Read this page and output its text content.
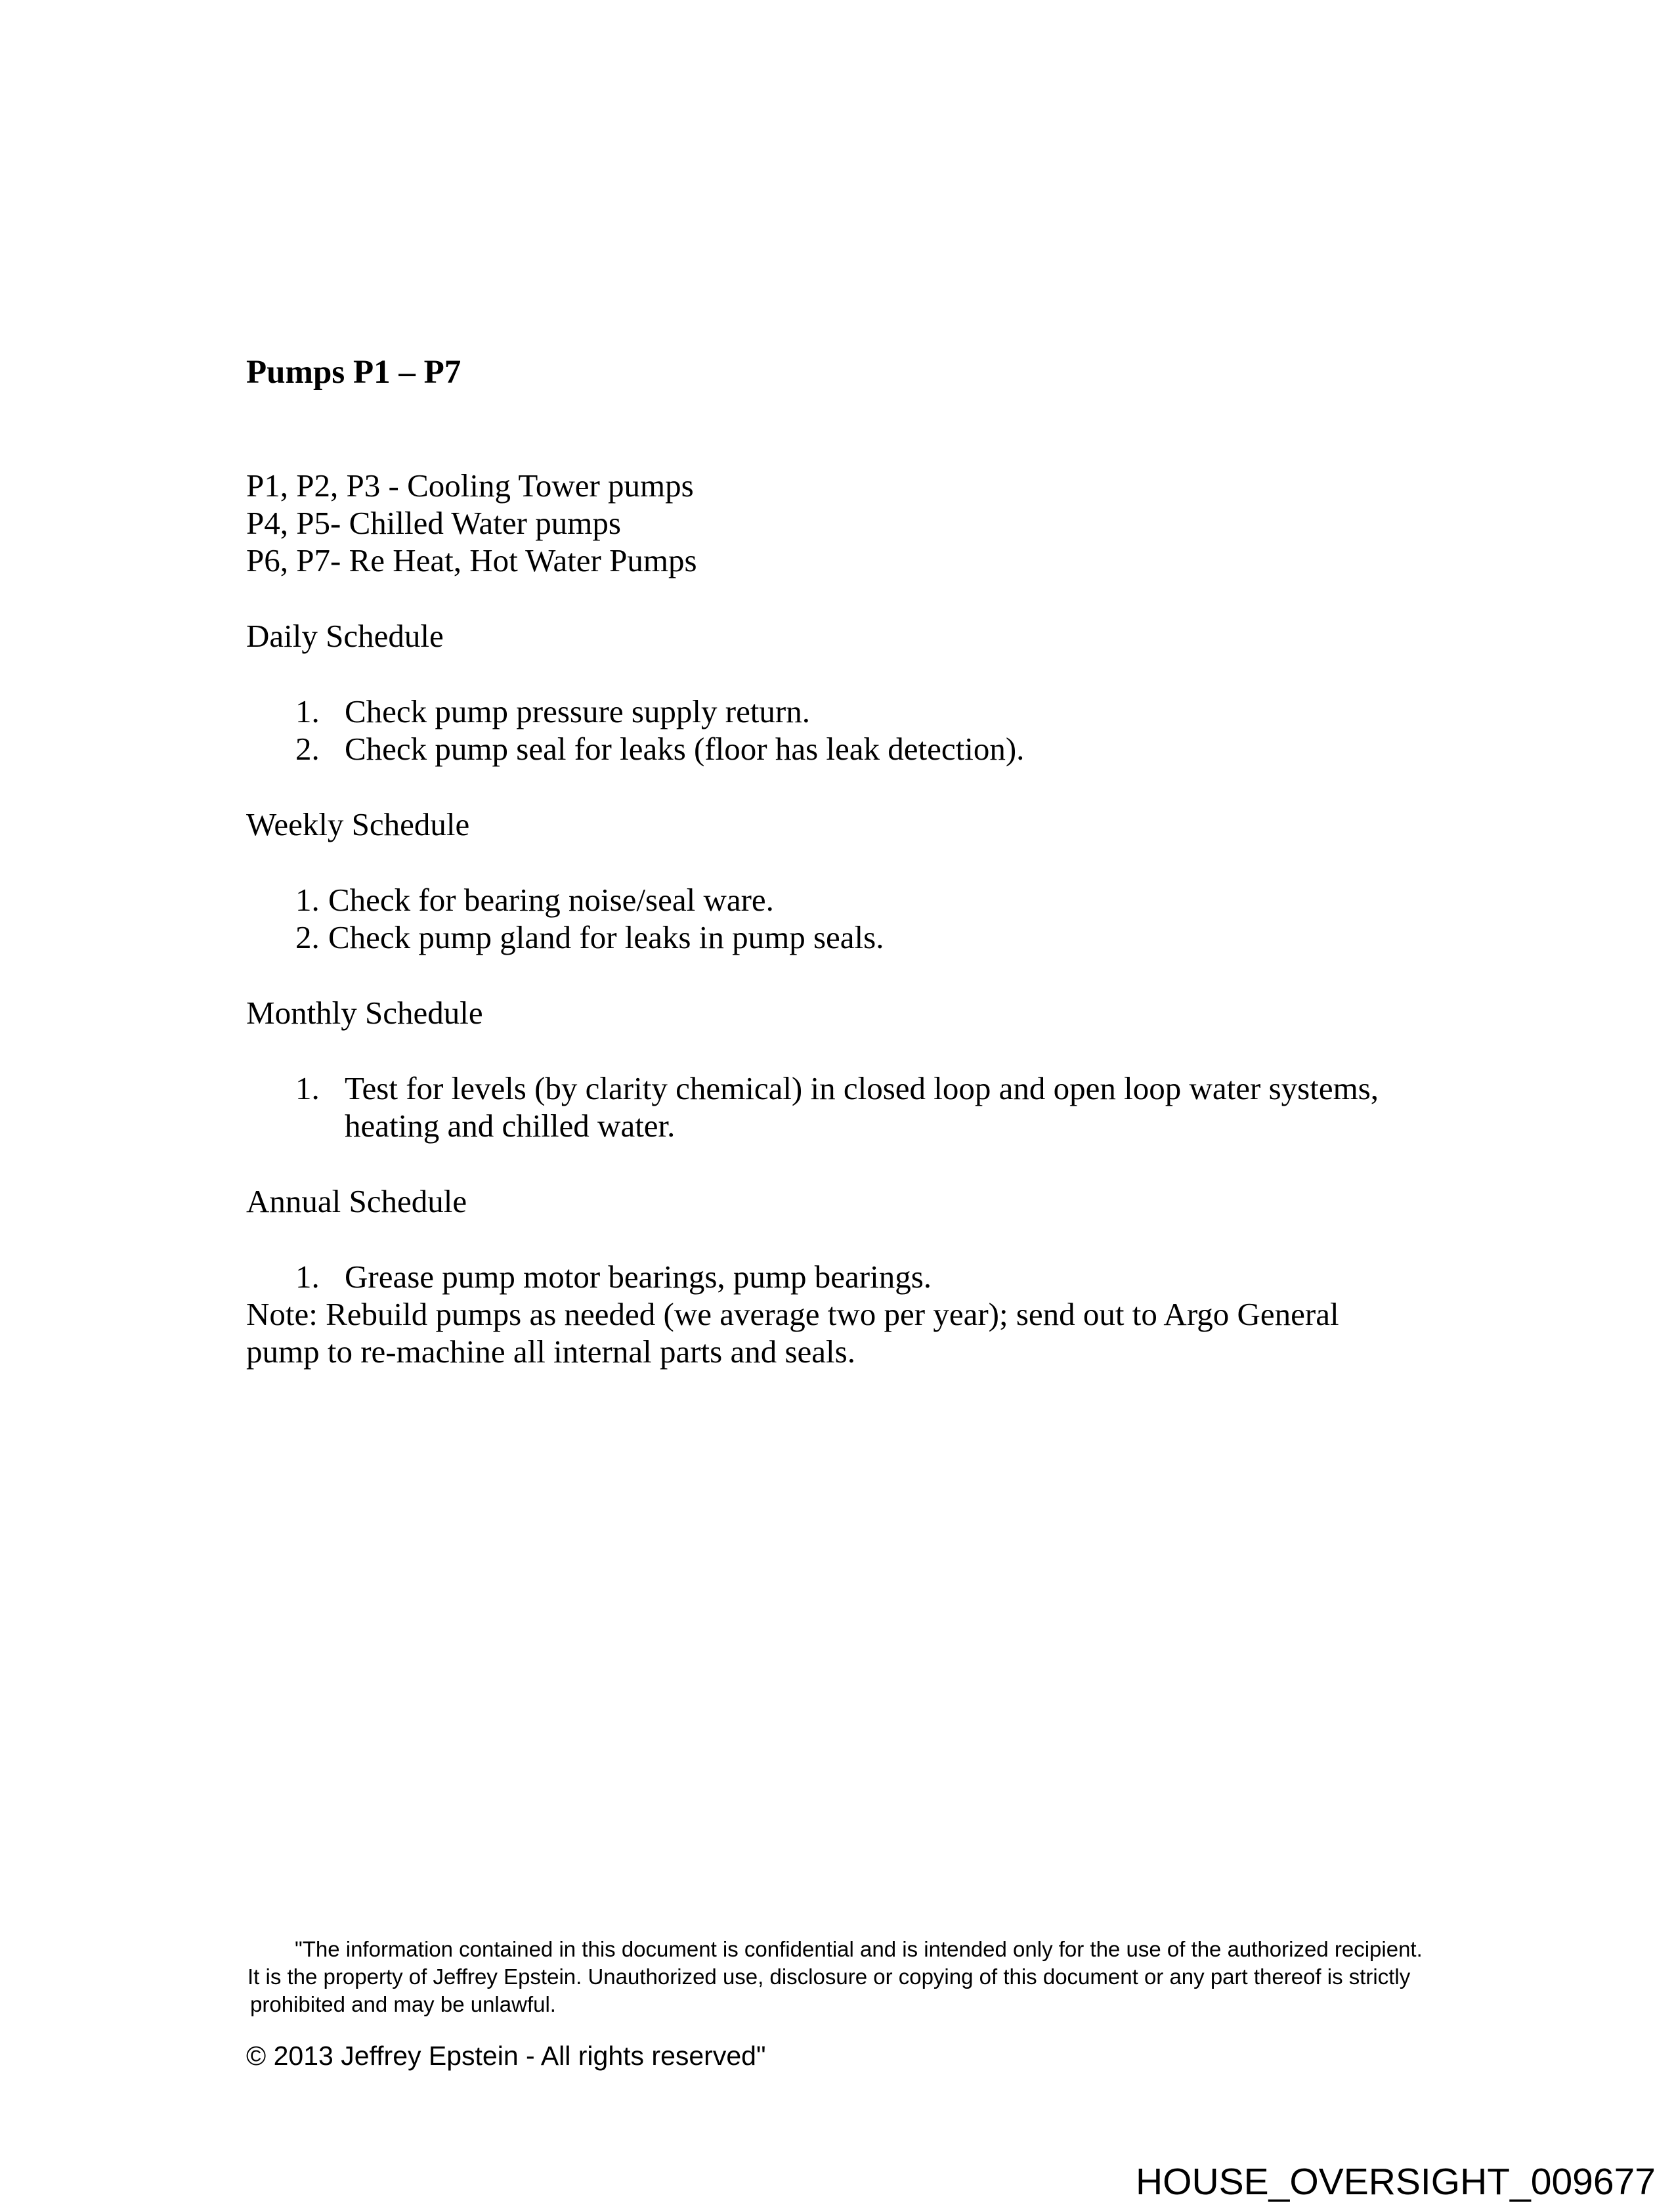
Pumps P1 – P7
P1, P2, P3 - Cooling Tower pumps
P4, P5- Chilled Water pumps
P6, P7- Re Heat, Hot Water Pumps
Daily Schedule
1. Check pump pressure supply return.
2. Check pump seal for leaks (floor has leak detection).
Weekly Schedule
1. Check for bearing noise/seal ware.
2. Check pump gland for leaks in pump seals.
Monthly Schedule
1. Test for levels (by clarity chemical) in closed loop and open loop water systems,
heating and chilled water.
Annual Schedule
1. Grease pump motor bearings, pump bearings.
Note: Rebuild pumps as needed (we average two per year); send out to Argo General
pump to re-machine all internal parts and seals.
"The information contained in this document is confidential and is intended only for the use of the authorized recipient.
It is the property of Jeffrey Epstein. Unauthorized use, disclosure or copying of this document or any part thereof is strictly
prohibited and may be unlawful.
© 2013 Jeffrey Epstein - All rights reserved"
HOUSE_OVERSIGHT_009677
